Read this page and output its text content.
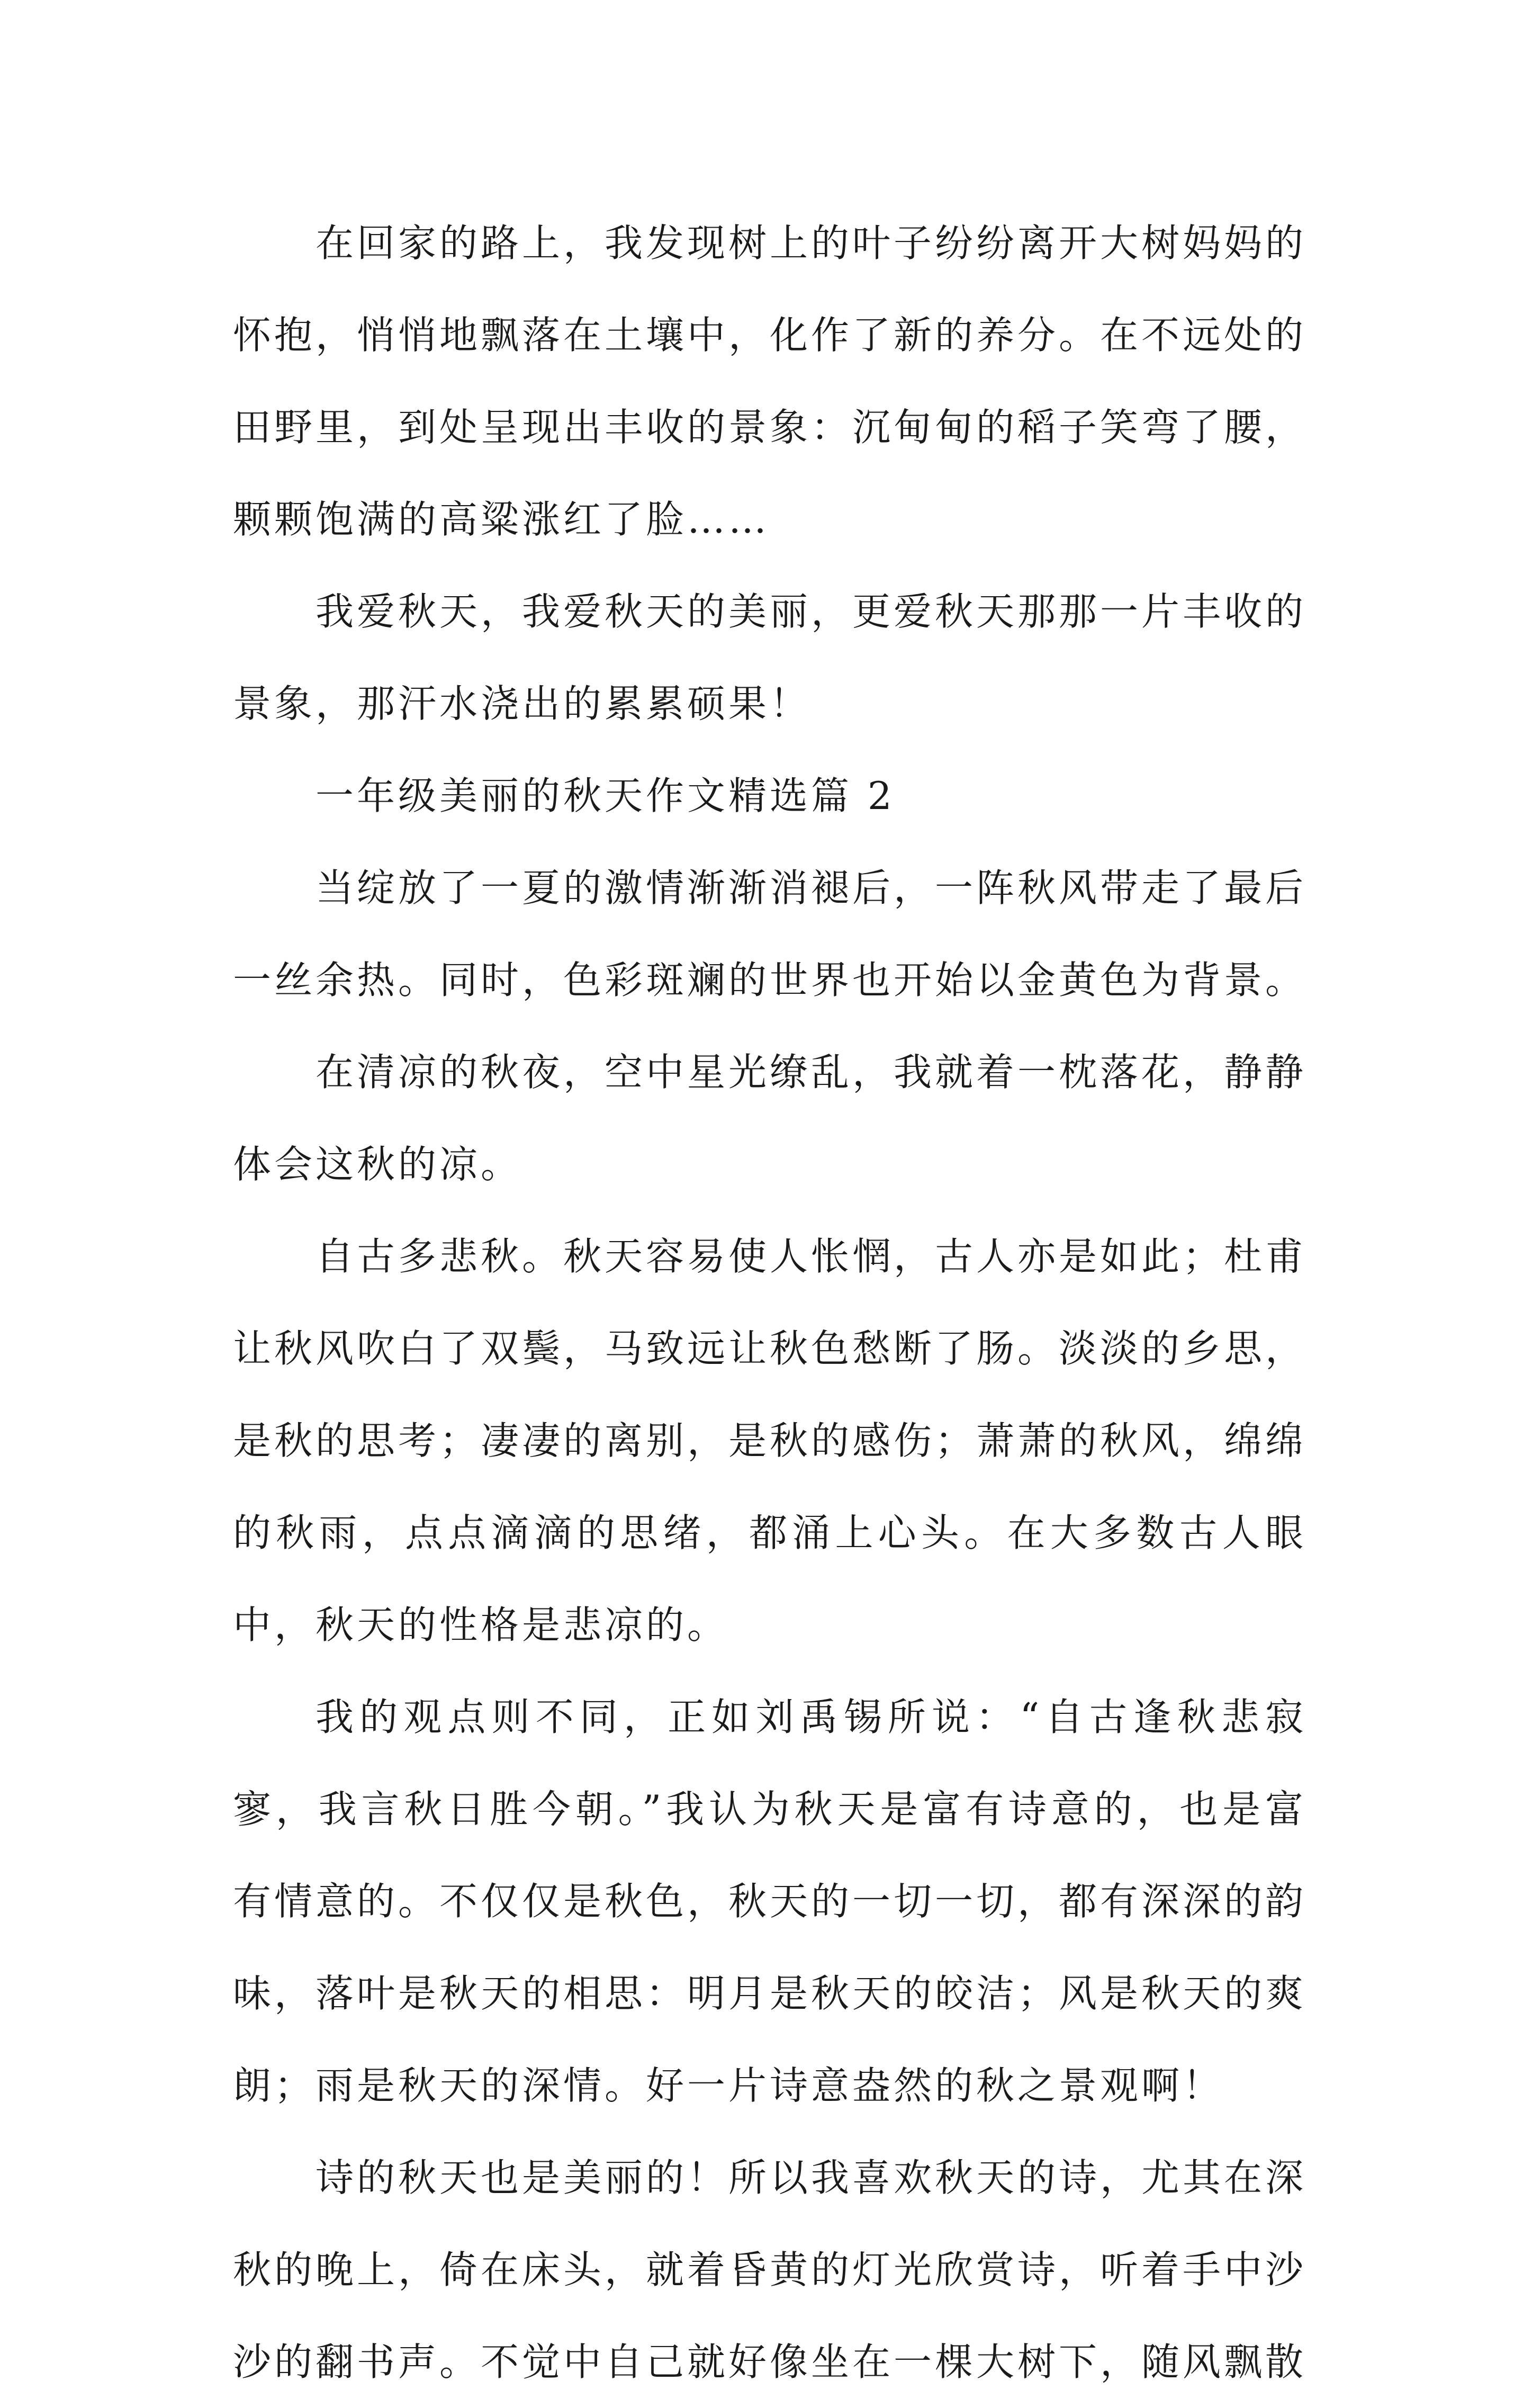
在回家的路上，我发现树上的叶子纷纷离开大树妈妈的怀抱，悄悄地飘落在土壤中，化作了新的养分。在不远处的田野里，到处呈现出丰收的景象：沉甸甸的稻子笑弯了腰，颗颗饱满的高粱涨红了脸……

我爱秋天，我爱秋天的美丽，更爱秋天那那一片丰收的景象，那汗水浇出的累累硕果！

一年级美丽的秋天作文精选篇 2

当绽放了一夏的激情渐渐消褪后，一阵秋风带走了最后一丝余热。同时，色彩斑斓的世界也开始以金黄色为背景。

在清凉的秋夜，空中星光缭乱，我就着一枕落花，静静体会这秋的凉。

自古多悲秋。秋天容易使人怅惘，古人亦是如此；杜甫让秋风吹白了双鬓，马致远让秋色愁断了肠。淡淡的乡思，是秋的思考；凄凄的离别，是秋的感伤；萧萧的秋风，绵绵的秋雨，点点滴滴的思绪，都涌上心头。在大多数古人眼中，秋天的性格是悲凉的。

我的观点则不同，正如刘禹锡所说：“自古逢秋悲寂寥，我言秋日胜今朝。”我认为秋天是富有诗意的，也是富有情意的。不仅仅是秋色，秋天的一切一切，都有深深的韵味，落叶是秋天的相思：明月是秋天的皎洁；风是秋天的爽朗；雨是秋天的深情。好一片诗意盎然的秋之景观啊！

诗的秋天也是美丽的！所以我喜欢秋天的诗，尤其在深秋的晚上，倚在床头，就着昏黄的灯光欣赏诗，听着手中沙沙的翻书声。不觉中自己就好像坐在一棵大树下，随风飘散
